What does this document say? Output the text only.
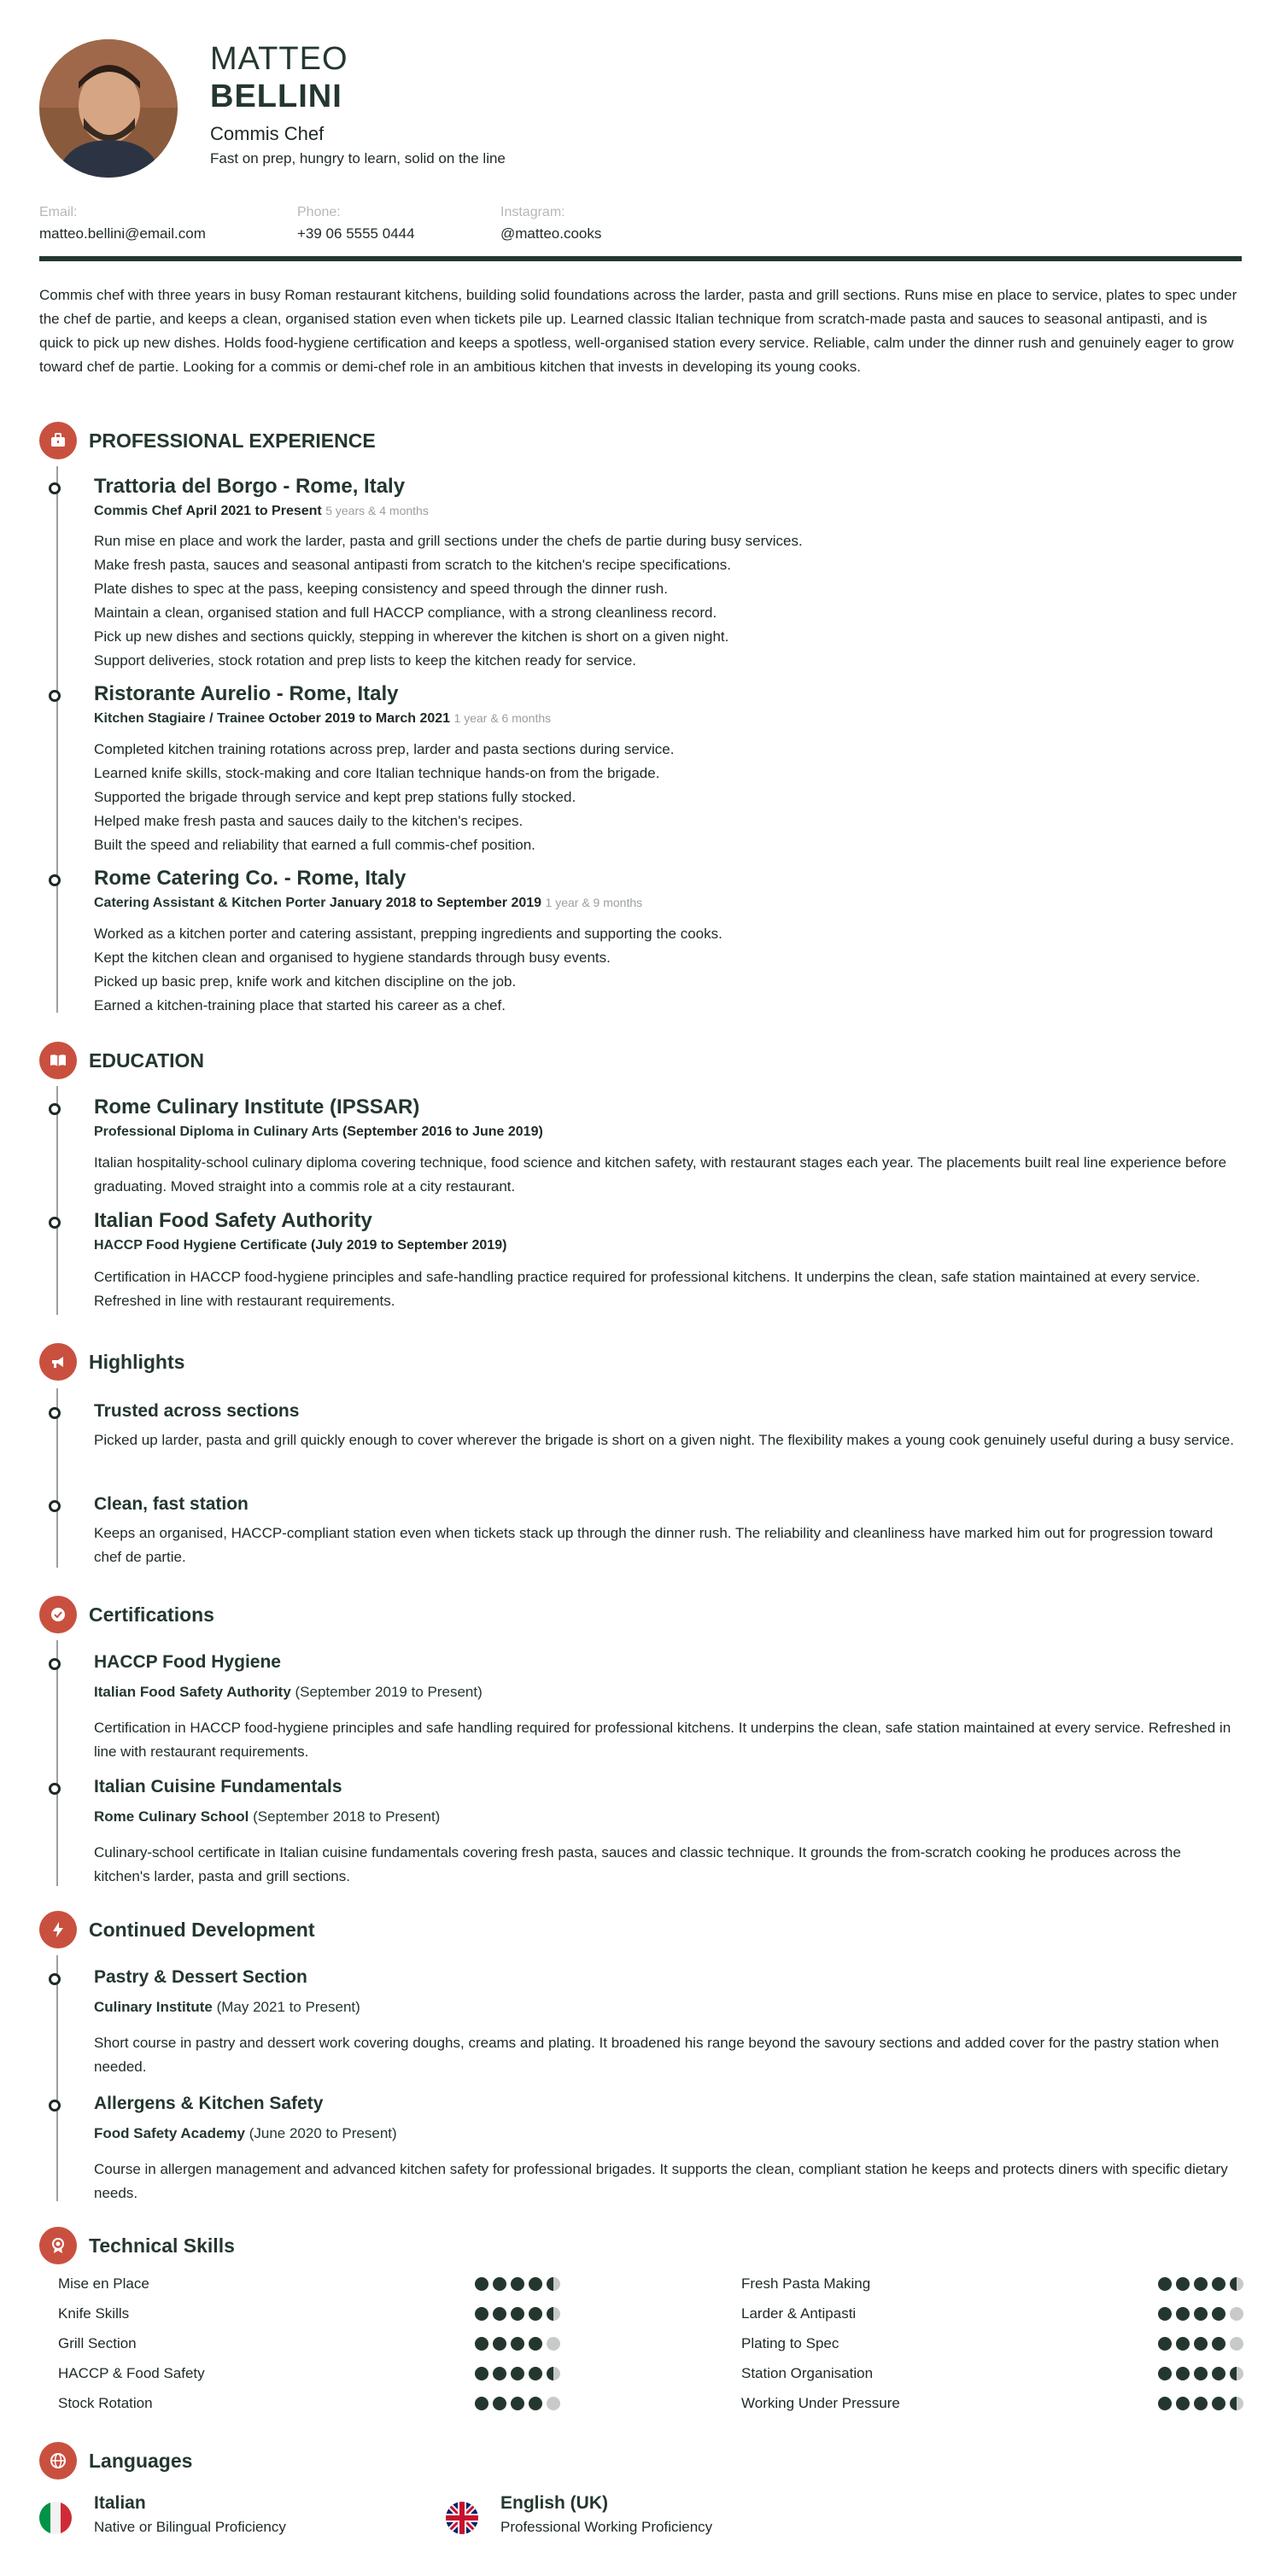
MATTEO
BELLINI
Commis Chef
Fast on prep, hungry to learn, solid on the line
Email:
matteo.bellini@email.com
Phone:
+39 06 5555 0444
Instagram:
@matteo.cooks
Commis chef with three years in busy Roman restaurant kitchens, building solid foundations across the larder, pasta and grill sections. Runs mise en place to service, plates to spec under the chef de partie, and keeps a clean, organised station even when tickets pile up. Learned classic Italian technique from scratch-made pasta and sauces to seasonal antipasti, and is quick to pick up new dishes. Holds food-hygiene certification and keeps a spotless, well-organised station every service. Reliable, calm under the dinner rush and genuinely eager to grow toward chef de partie. Looking for a commis or demi-chef role in an ambitious kitchen that invests in developing its young cooks.
PROFESSIONAL EXPERIENCE
Trattoria del Borgo - Rome, Italy
Commis Chef April 2021 to Present 5 years & 4 months
Run mise en place and work the larder, pasta and grill sections under the chefs de partie during busy services.
Make fresh pasta, sauces and seasonal antipasti from scratch to the kitchen's recipe specifications.
Plate dishes to spec at the pass, keeping consistency and speed through the dinner rush.
Maintain a clean, organised station and full HACCP compliance, with a strong cleanliness record.
Pick up new dishes and sections quickly, stepping in wherever the kitchen is short on a given night.
Support deliveries, stock rotation and prep lists to keep the kitchen ready for service.
Ristorante Aurelio - Rome, Italy
Kitchen Stagiaire / Trainee October 2019 to March 2021 1 year & 6 months
Completed kitchen training rotations across prep, larder and pasta sections during service.
Learned knife skills, stock-making and core Italian technique hands-on from the brigade.
Supported the brigade through service and kept prep stations fully stocked.
Helped make fresh pasta and sauces daily to the kitchen's recipes.
Built the speed and reliability that earned a full commis-chef position.
Rome Catering Co. - Rome, Italy
Catering Assistant & Kitchen Porter January 2018 to September 2019 1 year & 9 months
Worked as a kitchen porter and catering assistant, prepping ingredients and supporting the cooks.
Kept the kitchen clean and organised to hygiene standards through busy events.
Picked up basic prep, knife work and kitchen discipline on the job.
Earned a kitchen-training place that started his career as a chef.
EDUCATION
Rome Culinary Institute (IPSSAR)
Professional Diploma in Culinary Arts (September 2016 to June 2019)
Italian hospitality-school culinary diploma covering technique, food science and kitchen safety, with restaurant stages each year. The placements built real line experience before graduating. Moved straight into a commis role at a city restaurant.
Italian Food Safety Authority
HACCP Food Hygiene Certificate (July 2019 to September 2019)
Certification in HACCP food-hygiene principles and safe-handling practice required for professional kitchens. It underpins the clean, safe station maintained at every service. Refreshed in line with restaurant requirements.
Highlights
Trusted across sections
Picked up larder, pasta and grill quickly enough to cover wherever the brigade is short on a given night. The flexibility makes a young cook genuinely useful during a busy service.
Clean, fast station
Keeps an organised, HACCP-compliant station even when tickets stack up through the dinner rush. The reliability and cleanliness have marked him out for progression toward chef de partie.
Certifications
HACCP Food Hygiene
Italian Food Safety Authority (September 2019 to Present)
Certification in HACCP food-hygiene principles and safe handling required for professional kitchens. It underpins the clean, safe station maintained at every service. Refreshed in line with restaurant requirements.
Italian Cuisine Fundamentals
Rome Culinary School (September 2018 to Present)
Culinary-school certificate in Italian cuisine fundamentals covering fresh pasta, sauces and classic technique. It grounds the from-scratch cooking he produces across the kitchen's larder, pasta and grill sections.
Continued Development
Pastry & Dessert Section
Culinary Institute (May 2021 to Present)
Short course in pastry and dessert work covering doughs, creams and plating. It broadened his range beyond the savoury sections and added cover for the pastry station when needed.
Allergens & Kitchen Safety
Food Safety Academy (June 2020 to Present)
Course in allergen management and advanced kitchen safety for professional brigades. It supports the clean, compliant station he keeps and protects diners with specific dietary needs.
Technical Skills
Mise en Place
Knife Skills
Grill Section
HACCP & Food Safety
Stock Rotation
Fresh Pasta Making
Larder & Antipasti
Plating to Spec
Station Organisation
Working Under Pressure
Languages
Italian
Native or Bilingual Proficiency
English (UK)
Professional Working Proficiency
